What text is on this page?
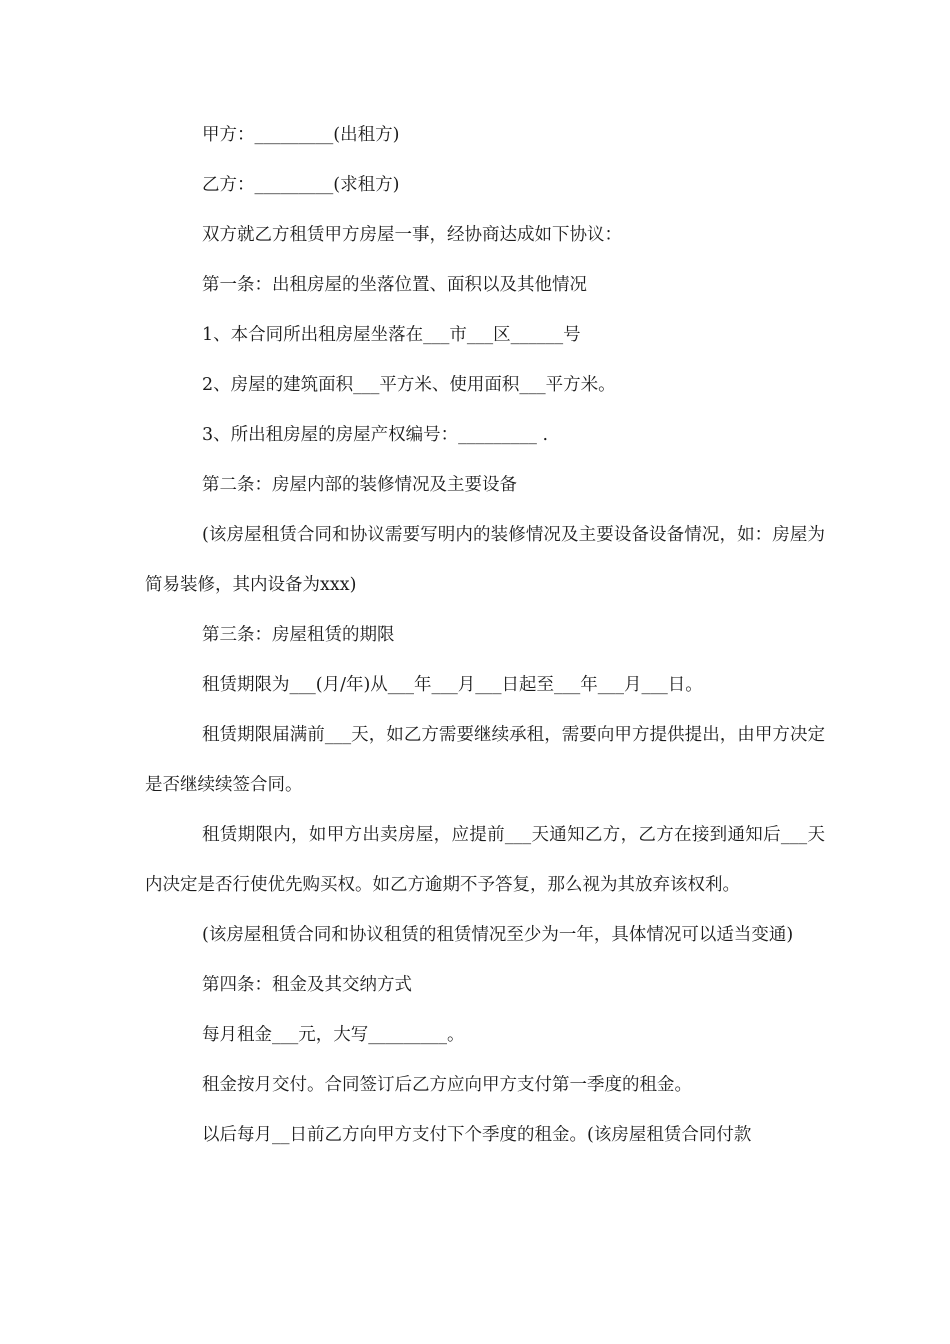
甲方：_________(出租方)

乙方：_________(求租方)

双方就乙方租赁甲方房屋一事，经协商达成如下协议：

第一条：出租房屋的坐落位置、面积以及其他情况

1、本合同所出租房屋坐落在___市___区______号

2、房屋的建筑面积___平方米、使用面积___平方米。

3、所出租房屋的房屋产权编号：_________ .

第二条：房屋内部的装修情况及主要设备

(该房屋租赁合同和协议需要写明内的装修情况及主要设备设备情况，如：房屋为简易装修，其内设备为xxx)

第三条：房屋租赁的期限

租赁期限为___(月/年)从___年___月___日起至___年___月___日。

租赁期限届满前___天，如乙方需要继续承租，需要向甲方提供提出，由甲方决定是否继续续签合同。

租赁期限内，如甲方出卖房屋，应提前___天通知乙方，乙方在接到通知后___天内决定是否行使优先购买权。如乙方逾期不予答复，那么视为其放弃该权利。

(该房屋租赁合同和协议租赁的租赁情况至少为一年，具体情况可以适当变通)

第四条：租金及其交纳方式

每月租金___元，大写_________。

租金按月交付。合同签订后乙方应向甲方支付第一季度的租金。

以后每月__日前乙方向甲方支付下个季度的租金。(该房屋租赁合同付款
